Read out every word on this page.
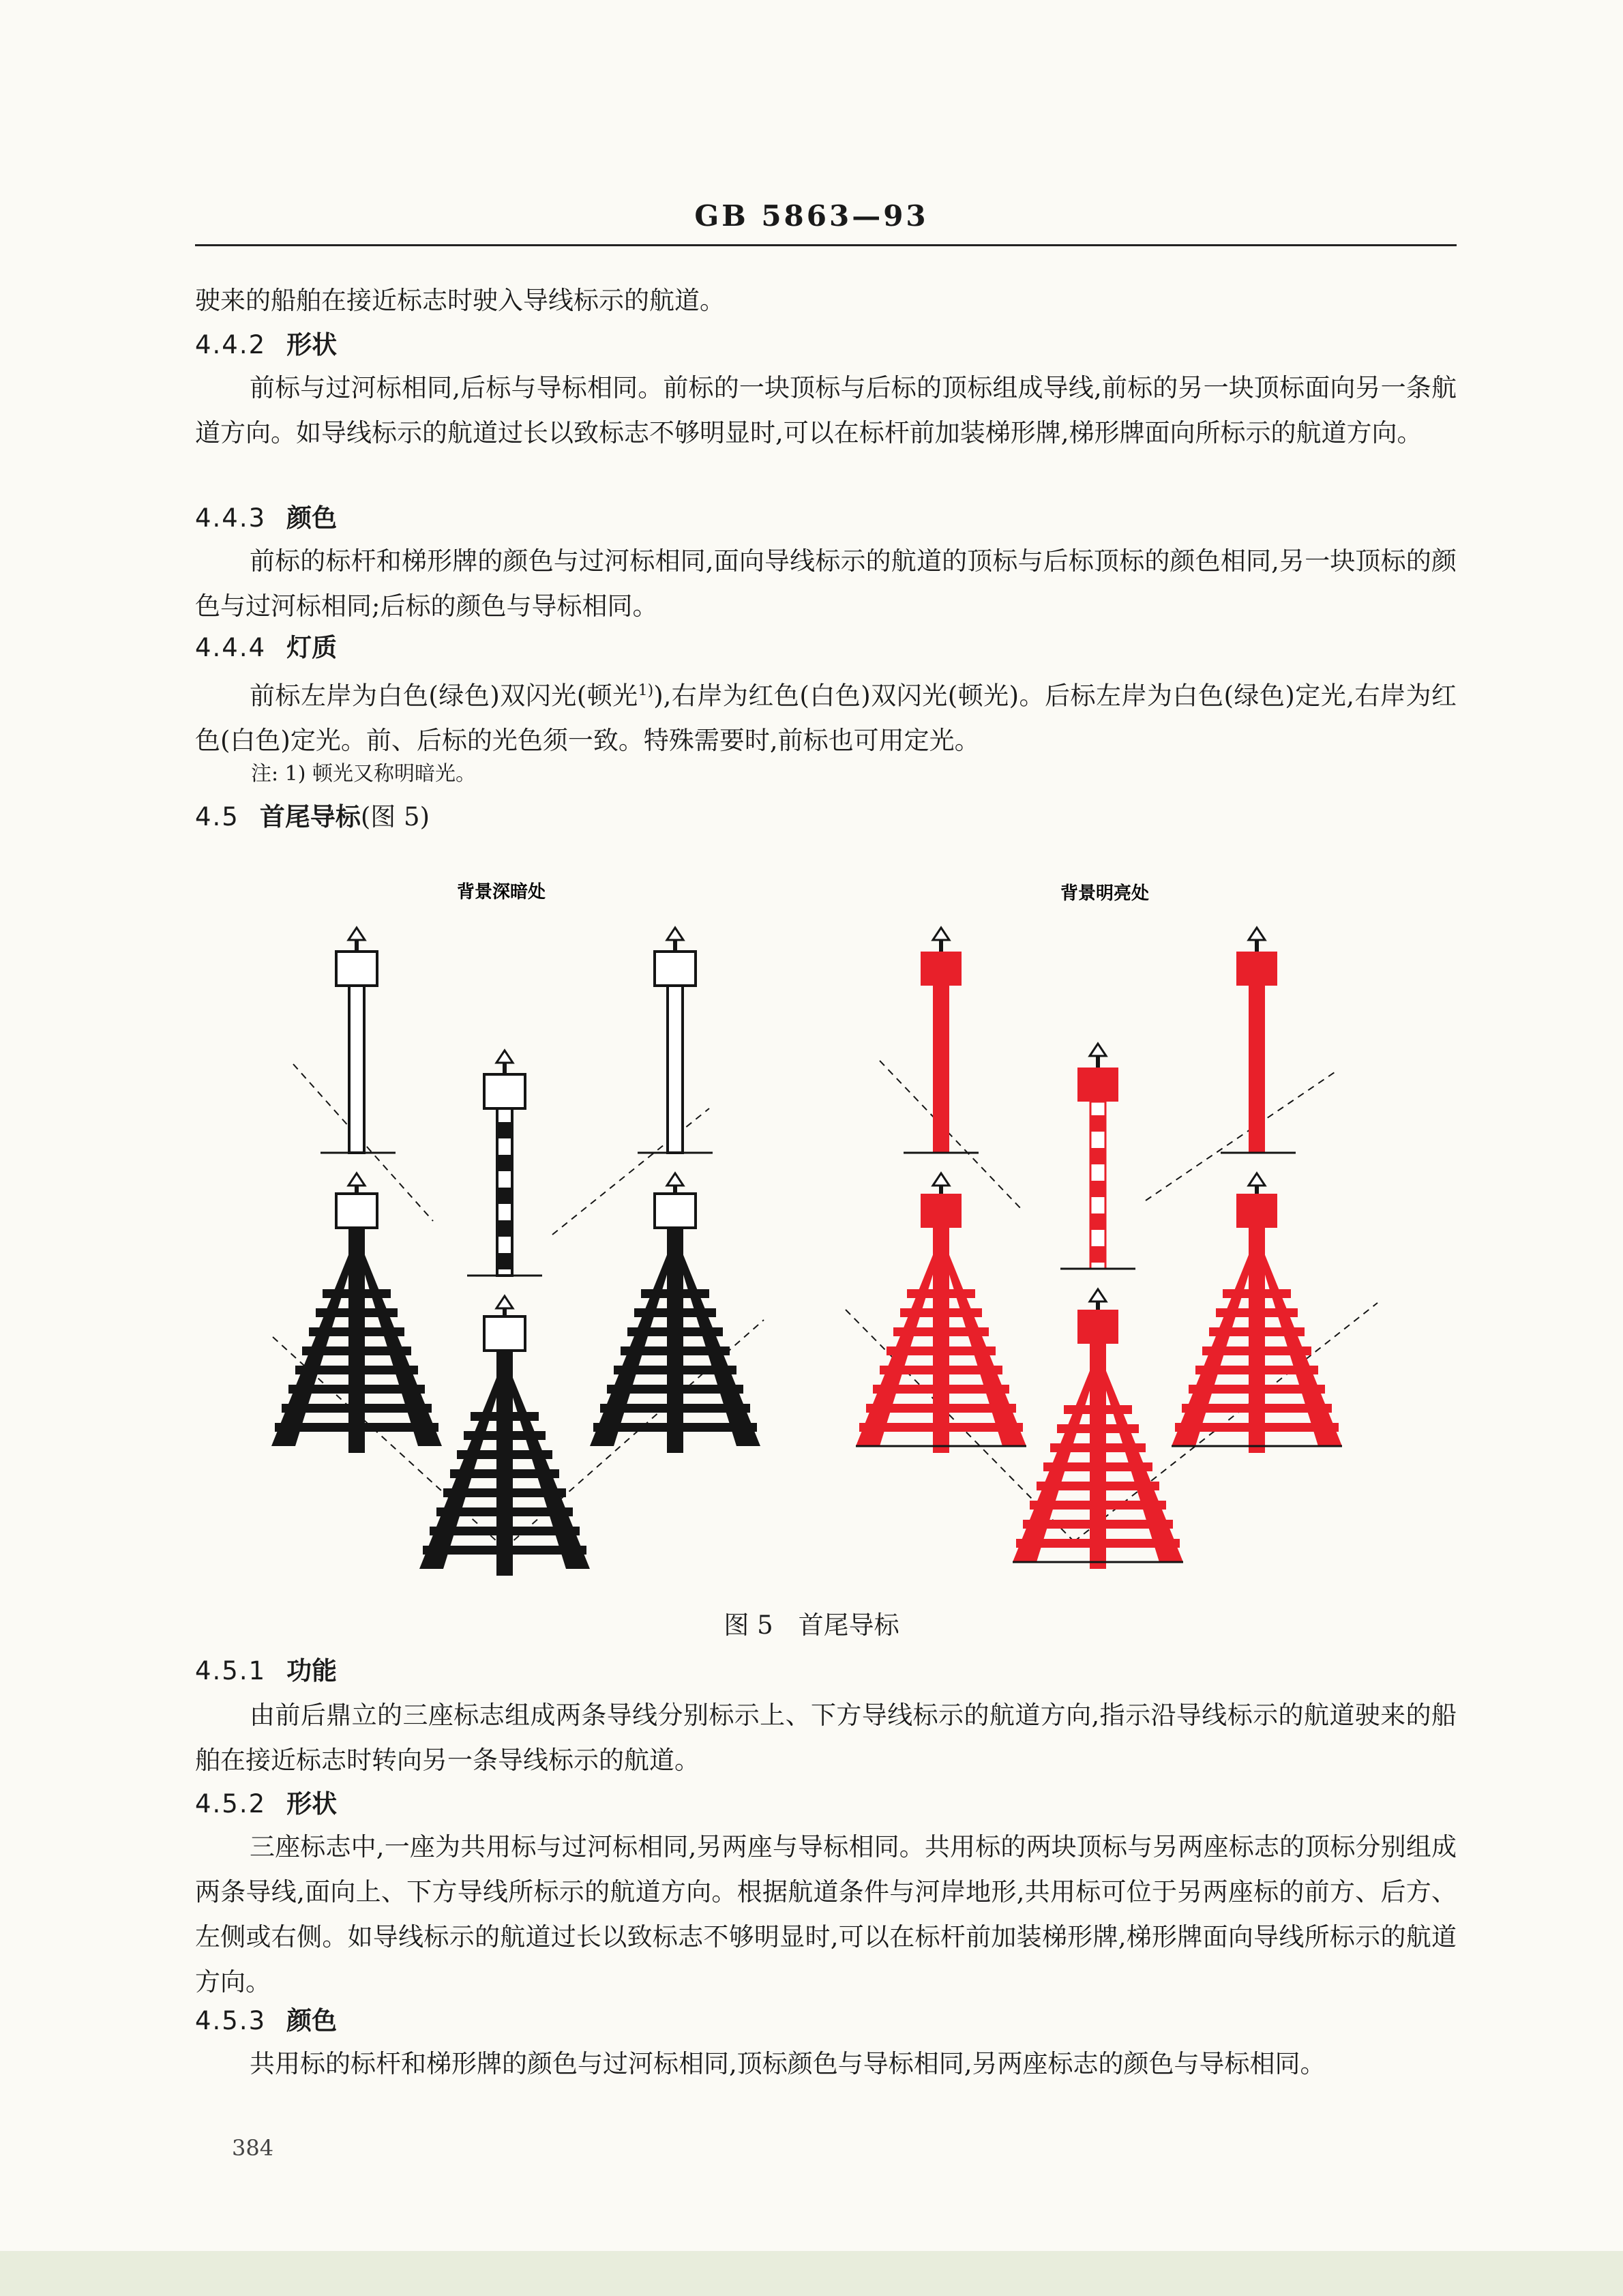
GB 5863—93
驶来的船舶在接近标志时驶入导线标示的航道。
4.4.2 形状
前标与过河标相同,后标与导标相同。前标的一块顶标与后标的顶标组成导线,前标的另一块顶标面向另一条航道方向。如导线标示的航道过长以致标志不够明显时,可以在标杆前加装梯形牌,梯形牌面向所标示的航道方向。
4.4.3 颜色
前标的标杆和梯形牌的颜色与过河标相同,面向导线标示的航道的顶标与后标顶标的颜色相同,另一块顶标的颜色与过河标相同;后标的颜色与导标相同。
4.4.4 灯质
前标左岸为白色(绿色)双闪光(顿光$^{1)}$),右岸为红色(白色)双闪光(顿光)。后标左岸为白色(绿色)定光,右岸为红色(白色)定光。前、后标的光色须一致。特殊需要时,前标也可用定光。
注: 1) 顿光又称明暗光。
4.5 首尾导标(图 5)
背景深暗处	背景明亮处
图 5　首尾导标
4.5.1 功能
由前后鼎立的三座标志组成两条导线分别标示上、下方导线标示的航道方向,指示沿导线标示的航道驶来的船舶在接近标志时转向另一条导线标示的航道。
4.5.2 形状
三座标志中,一座为共用标与过河标相同,另两座与导标相同。共用标的两块顶标与另两座标志的顶标分别组成两条导线,面向上、下方导线所标示的航道方向。根据航道条件与河岸地形,共用标可位于另两座标的前方、后方、左侧或右侧。如导线标示的航道过长以致标志不够明显时,可以在标杆前加装梯形牌,梯形牌面向导线所标示的航道方向。
4.5.3 颜色
共用标的标杆和梯形牌的颜色与过河标相同,顶标颜色与导标相同,另两座标志的颜色与导标相同。
384
